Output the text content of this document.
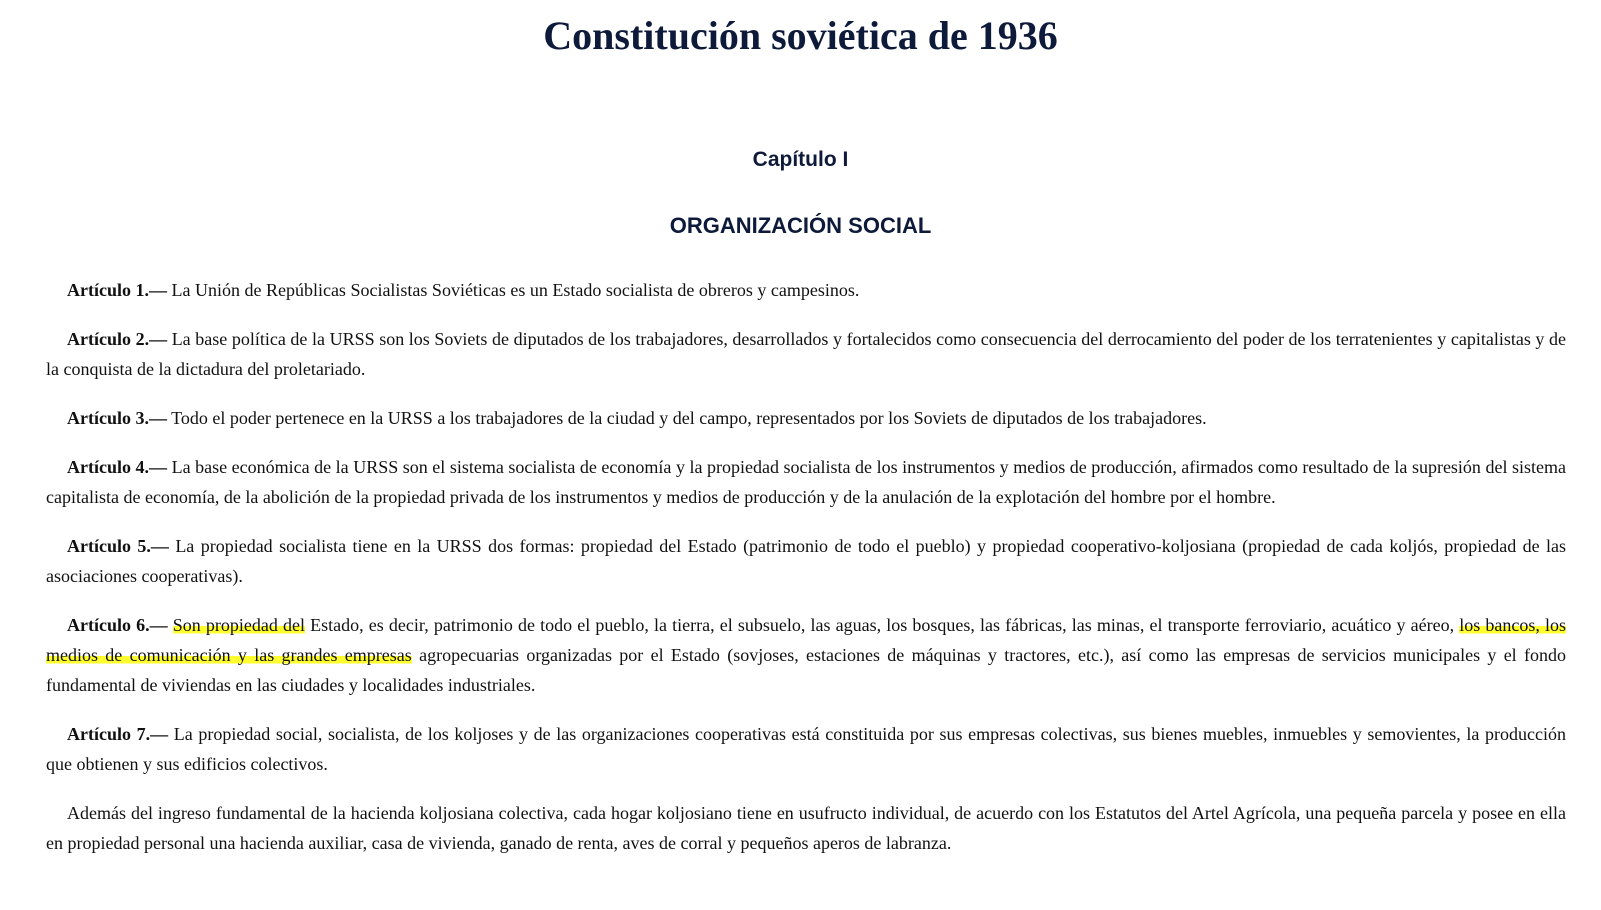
Constitución soviética de 1936
Capítulo I
ORGANIZACIÓN SOCIAL

Artículo 1.— La Unión de Repúblicas Socialistas Soviéticas es un Estado socialista de obreros y campesinos.

Artículo 2.— La base política de la URSS son los Soviets de diputados de los trabajadores, desarrollados y fortalecidos como consecuencia del derrocamiento del poder de los terratenientes y capitalistas y de la conquista de la dictadura del proletariado.

Artículo 3.— Todo el poder pertenece en la URSS a los trabajadores de la ciudad y del campo, representados por los Soviets de diputados de los trabajadores.

Artículo 4.— La base económica de la URSS son el sistema socialista de economía y la propiedad socialista de los instrumentos y medios de producción, afirmados como resultado de la supresión del sistema capitalista de economía, de la abolición de la propiedad privada de los instrumentos y medios de producción y de la anulación de la explotación del hombre por el hombre.

Artículo 5.— La propiedad socialista tiene en la URSS dos formas: propiedad del Estado (patrimonio de todo el pueblo) y propiedad cooperativo-koljosiana (propiedad de cada koljós, propiedad de las asociaciones cooperativas).

Artículo 6.— Son propiedad del Estado, es decir, patrimonio de todo el pueblo, la tierra, el subsuelo, las aguas, los bosques, las fábricas, las minas, el transporte ferroviario, acuático y aéreo, los bancos, los medios de comunicación y las grandes empresas agropecuarias organizadas por el Estado (sovjoses, estaciones de máquinas y tractores, etc.), así como las empresas de servicios municipales y el fondo fundamental de viviendas en las ciudades y localidades industriales.

Artículo 7.— La propiedad social, socialista, de los koljoses y de las organizaciones cooperativas está constituida por sus empresas colectivas, sus bienes muebles, inmuebles y semovientes, la producción que obtienen y sus edificios colectivos.

Además del ingreso fundamental de la hacienda koljosiana colectiva, cada hogar koljosiano tiene en usufructo individual, de acuerdo con los Estatutos del Artel Agrícola, una pequeña parcela y posee en ella en propiedad personal una hacienda auxiliar, casa de vivienda, ganado de renta, aves de corral y pequeños aperos de labranza.
